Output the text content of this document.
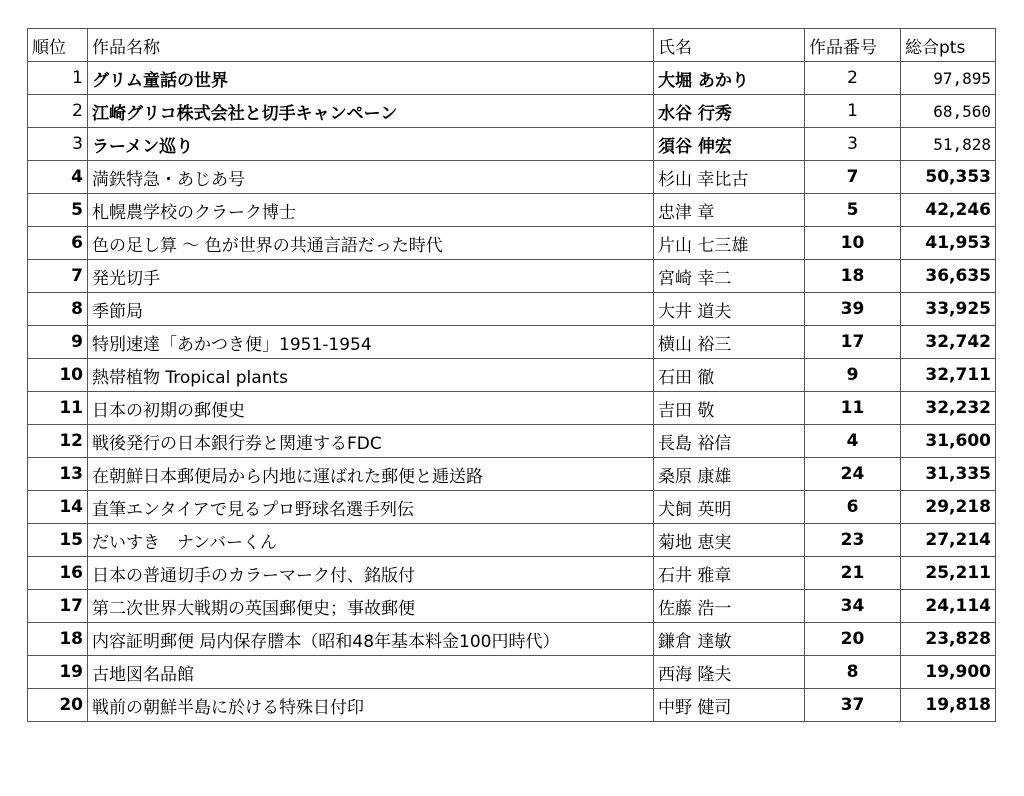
順位	作品名称	氏名	作品番号	総合pts
1	グリム童話の世界	大堀 あかり	2	97,895
2	江崎グリコ株式会社と切手キャンペーン	水谷 行秀	1	68,560
3	ラーメン巡り	須谷 伸宏	3	51,828
4	満鉄特急・あじあ号	杉山 幸比古	7	50,353
5	札幌農学校のクラーク博士	忠津 章	5	42,246
6	色の足し算 〜 色が世界の共通言語だった時代	片山 七三雄	10	41,953
7	発光切手	宮崎 幸二	18	36,635
8	季節局	大井 道夫	39	33,925
9	特別速達「あかつき便」1951-1954	横山 裕三	17	32,742
10	熱帯植物 Tropical plants	石田 徹	9	32,711
11	日本の初期の郵便史	吉田 敬	11	32,232
12	戦後発行の日本銀行券と関連するFDC	長島 裕信	4	31,600
13	在朝鮮日本郵便局から内地に運ばれた郵便と逓送路	桑原 康雄	24	31,335
14	直筆エンタイアで見るプロ野球名選手列伝	犬飼 英明	6	29,218
15	だいすき　ナンバーくん	菊地 恵実	23	27,214
16	日本の普通切手のカラーマーク付、銘版付	石井 雅章	21	25,211
17	第二次世界大戦期の英国郵便史；事故郵便	佐藤 浩一	34	24,114
18	内容証明郵便 局内保存謄本（昭和48年基本料金100円時代）	鎌倉 達敏	20	23,828
19	古地図名品館	西海 隆夫	8	19,900
20	戦前の朝鮮半島に於ける特殊日付印	中野 健司	37	19,818
